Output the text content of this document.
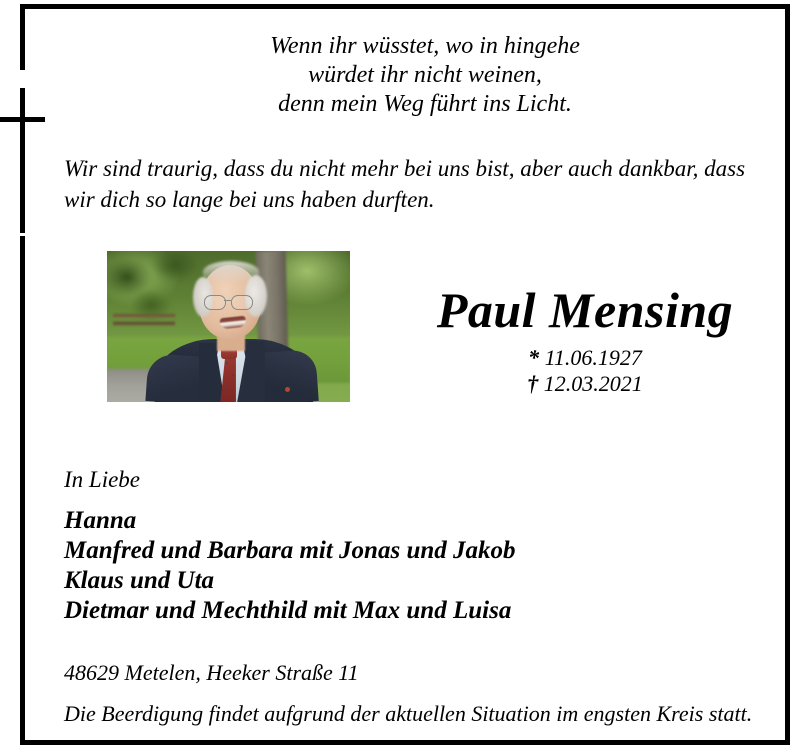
Wenn ihr wüsstet, wo in hingehe
würdet ihr nicht weinen,
denn mein Weg führt ins Licht.
Wir sind traurig, dass du nicht mehr bei uns bist, aber auch dankbar, dass wir dich so lange bei uns haben durften.
Paul Mensing
* 11.06.1927
† 12.03.2021
In Liebe
Hanna
Manfred und Barbara mit Jonas und Jakob
Klaus und Uta
Dietmar und Mechthild mit Max und Luisa
48629 Metelen, Heeker Straße 11
Die Beerdigung findet aufgrund der aktuellen Situation im engsten Kreis statt.
